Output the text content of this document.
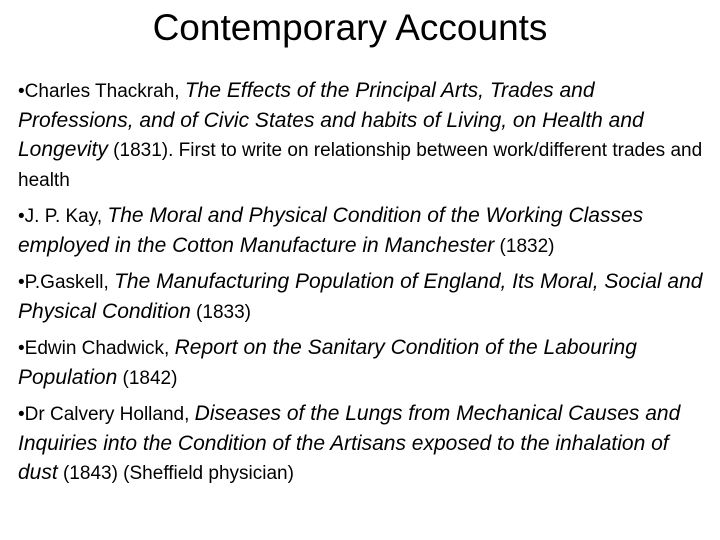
Contemporary Accounts

•Charles Thackrah, The Effects of the Principal Arts, Trades and Professions, and of Civic States and habits of Living, on Health and Longevity (1831). First to write on relationship between work/different trades and health

•J. P. Kay, The Moral and Physical Condition of the Working Classes employed in the Cotton Manufacture in Manchester (1832)

•P.Gaskell, The Manufacturing Population of England, Its Moral, Social and Physical Condition (1833)

•Edwin Chadwick, Report on the Sanitary Condition of the Labouring Population (1842)

•Dr Calvery Holland, Diseases of the Lungs from Mechanical Causes and Inquiries into the Condition of the Artisans exposed to the inhalation of dust (1843) (Sheffield physician)
